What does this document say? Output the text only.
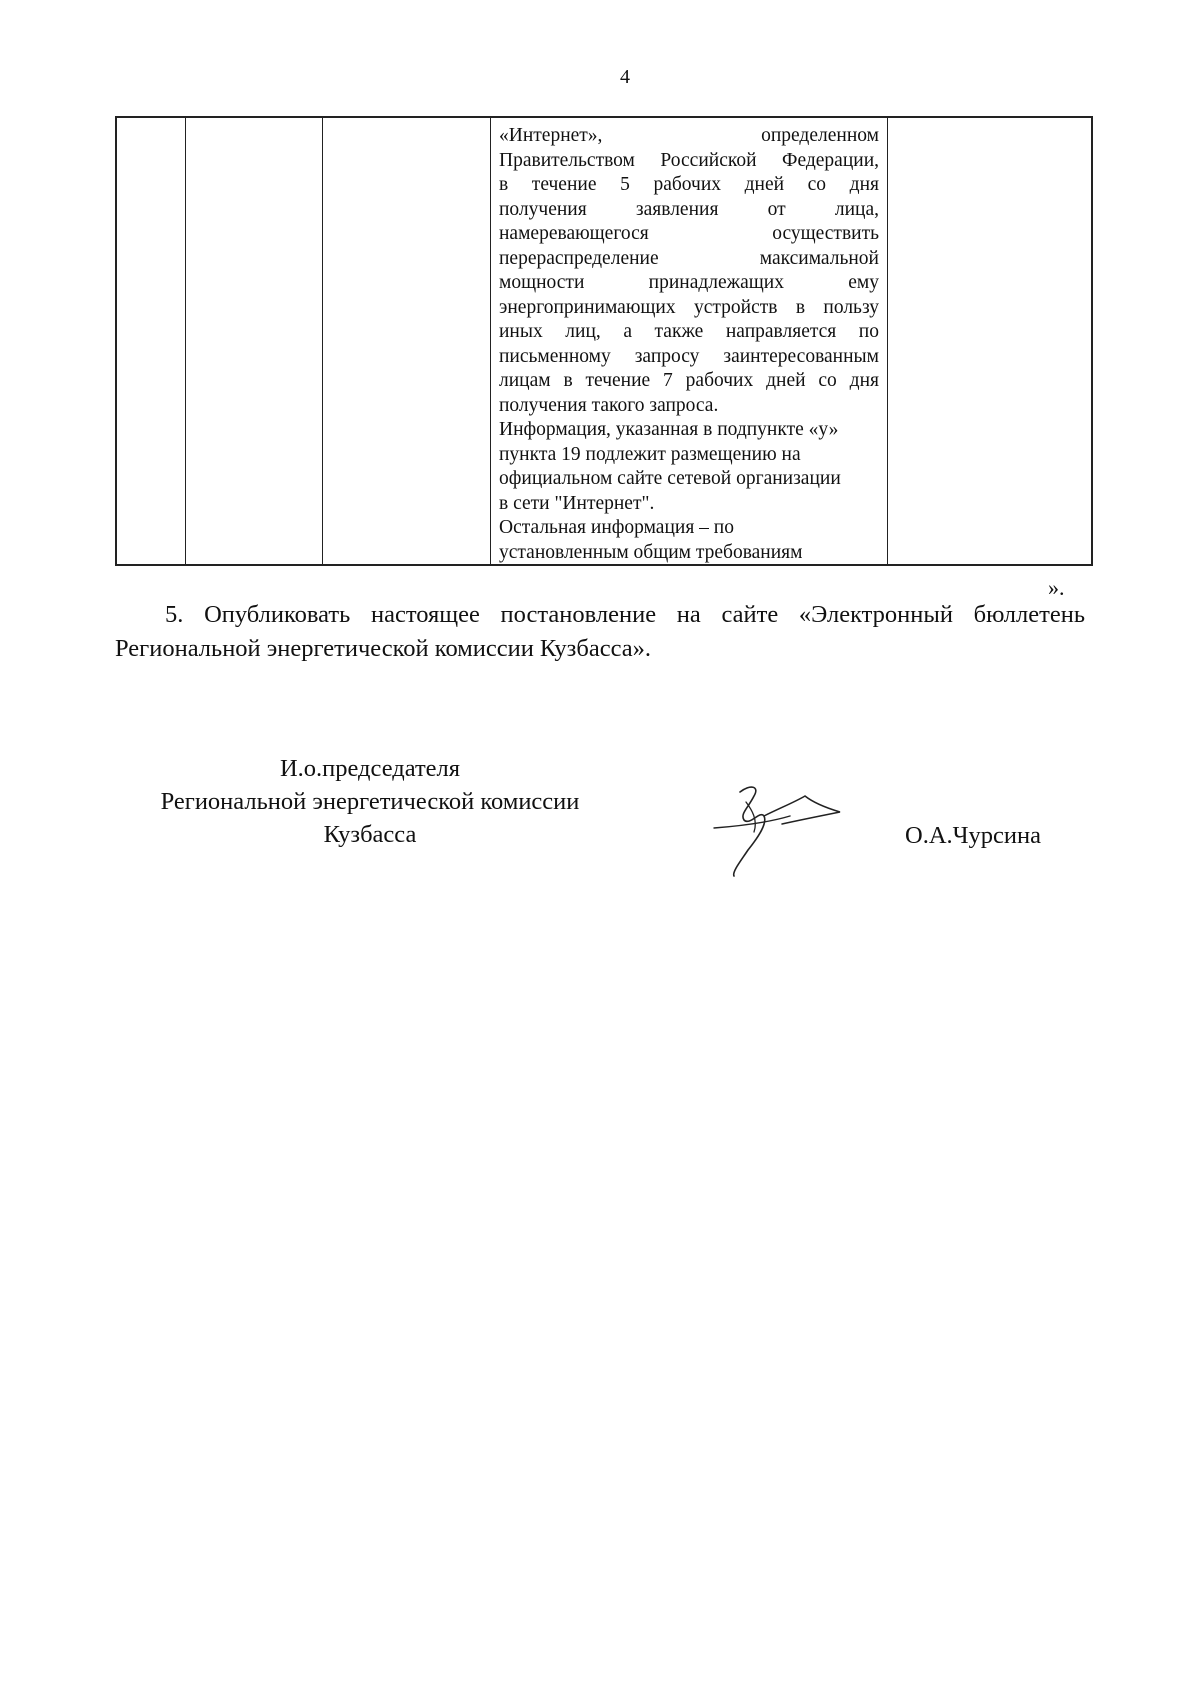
4
«Интернет», определенном
Правительством Российской Федерации,
в течение 5 рабочих дней со дня
получения заявления от лица,
намеревающегося осуществить
перераспределение максимальной
мощности принадлежащих ему
энергопринимающих устройств в пользу
иных лиц, а также направляется по
письменному запросу заинтересованным
лицам в течение 7 рабочих дней со дня
получения такого запроса.
Информация, указанная в подпункте «у»
пункта 19 подлежит размещению на
официальном сайте сетевой организации
в сети "Интернет".
Остальная информация – по
установленным общим требованиям
».
5. Опубликовать настоящее постановление на сайте «Электронный бюллетень Региональной энергетической комиссии Кузбасса».
И.о.председателя
Региональной энергетической комиссии
Кузбасса	О.А.Чурсина
